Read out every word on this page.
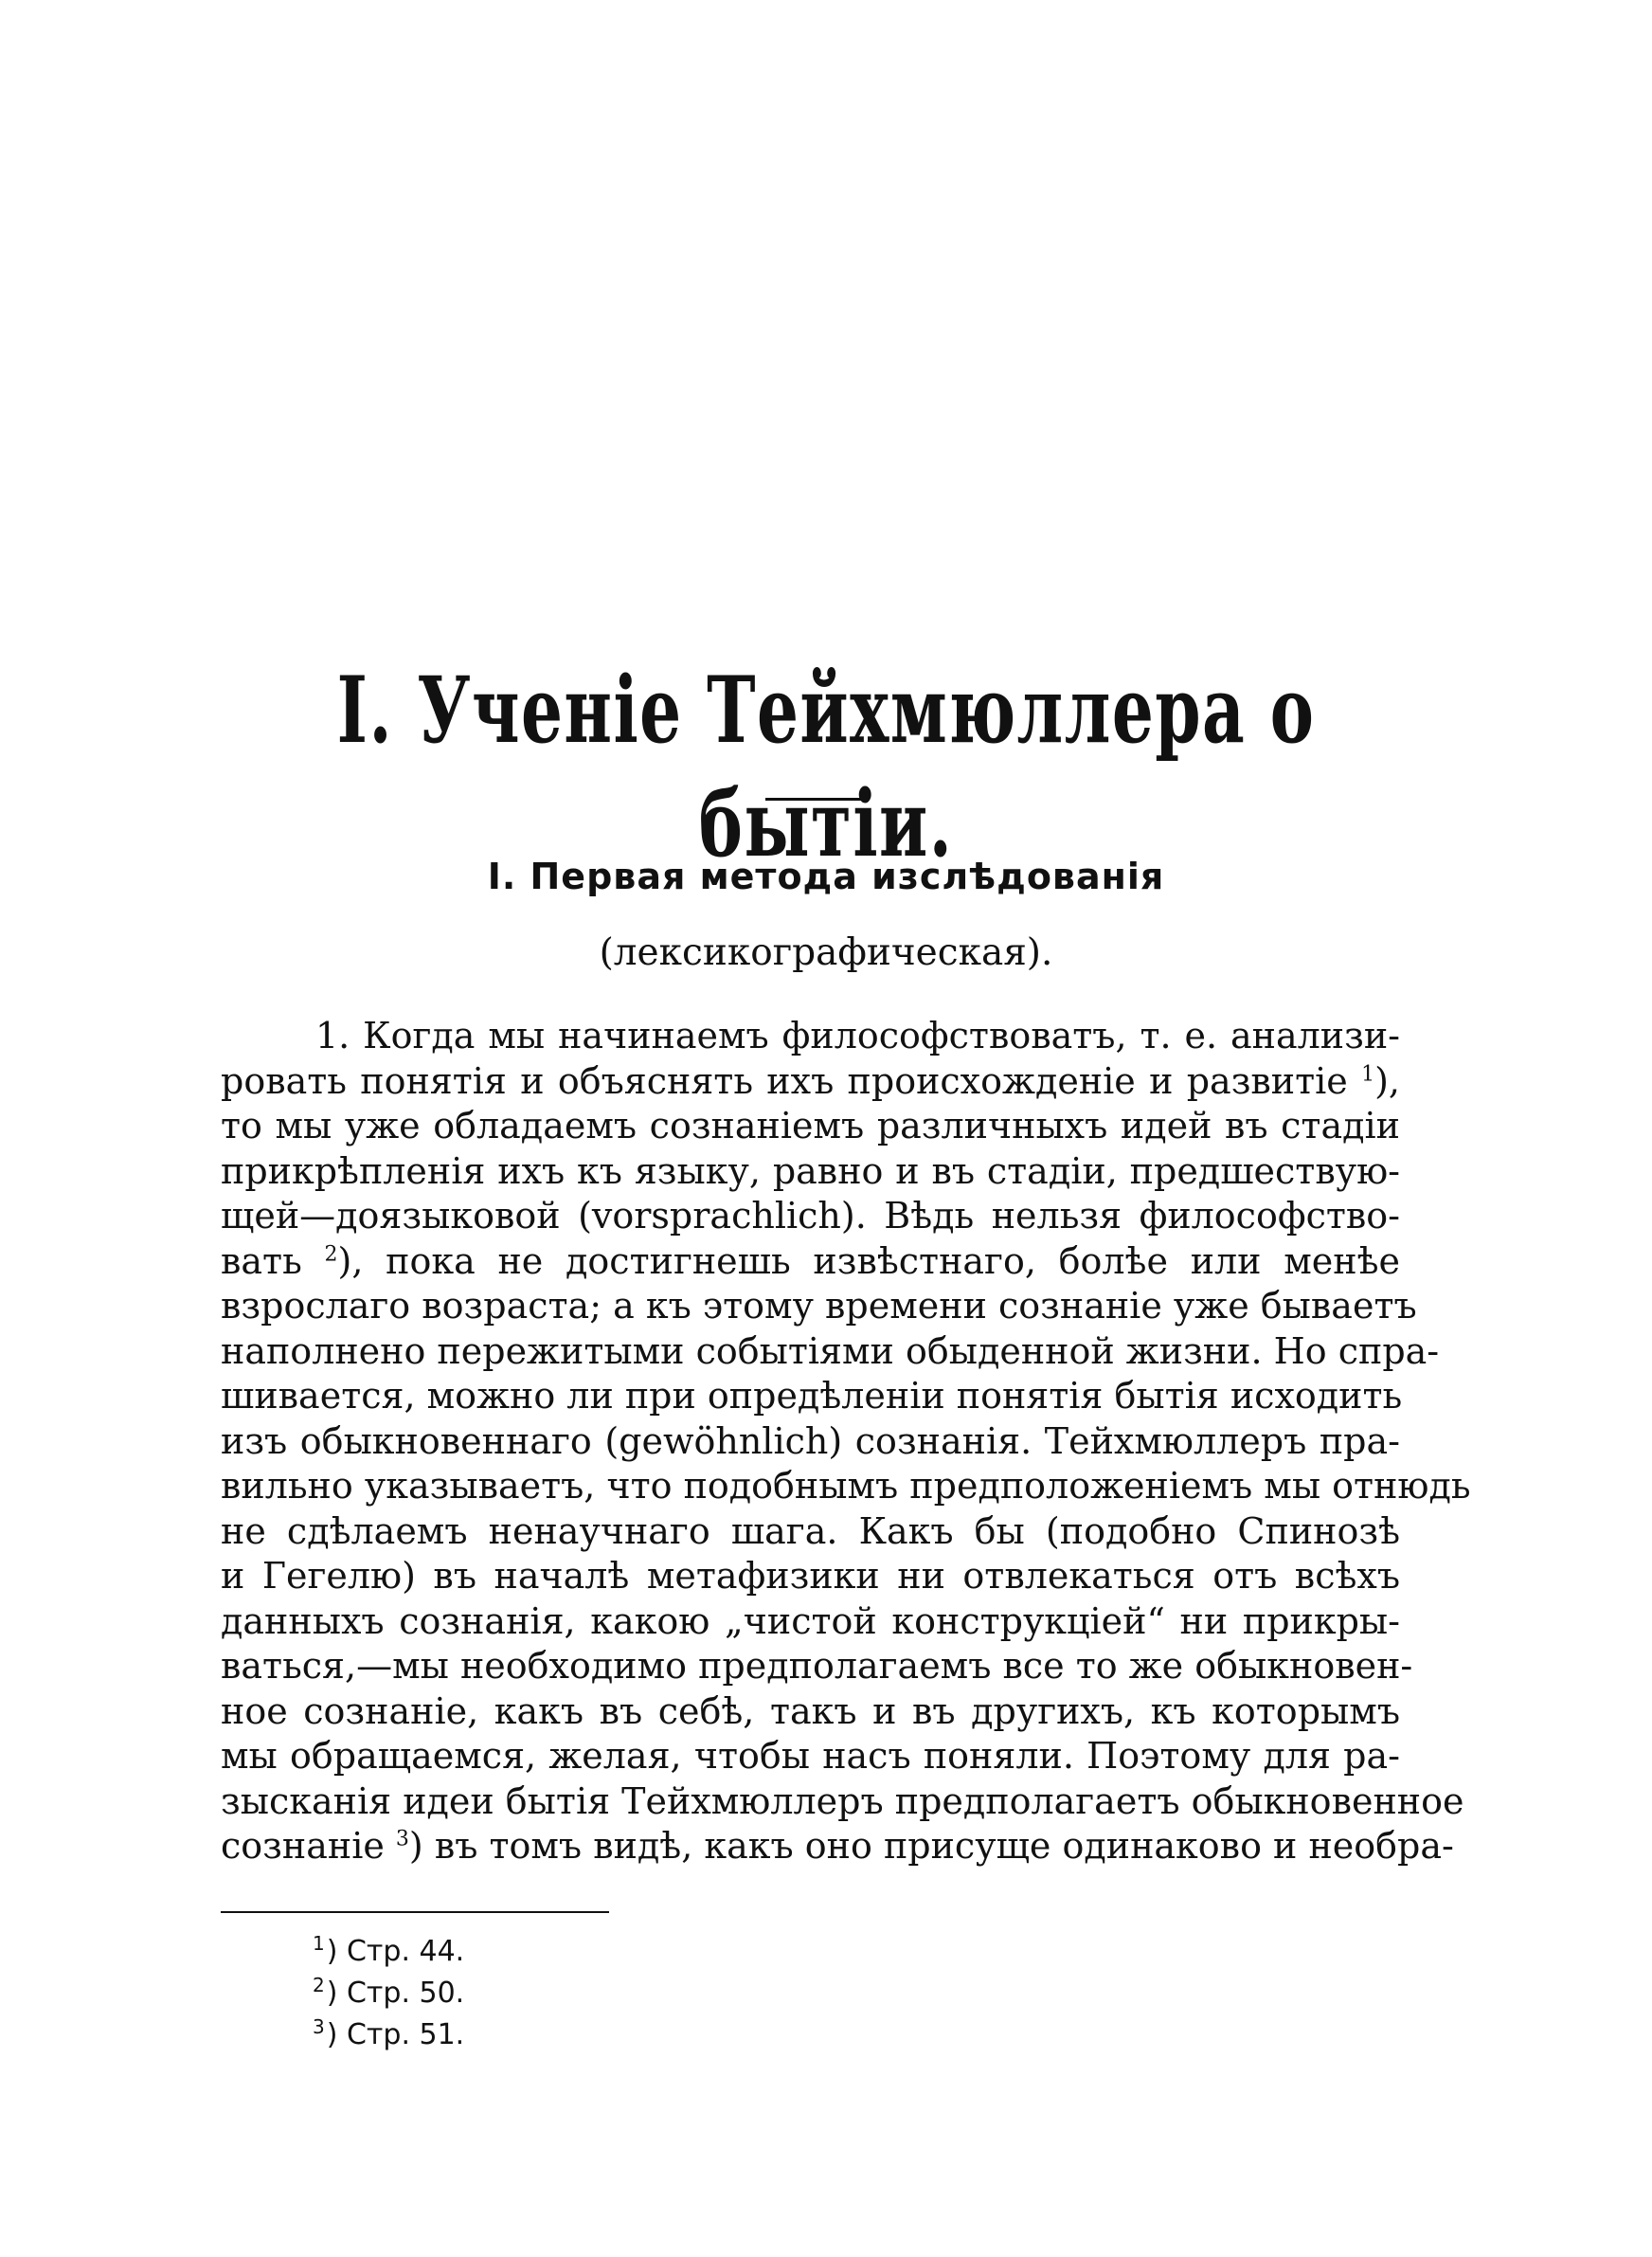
I. Ученіе Тейхмюллера о бытіи.
I. Первая метода изслѣдованія
(лексикографическая).
1. Когда мы начинаемъ философствоватъ, т. е. анализи-
ровать понятія и объяснять ихъ происхожденіе и развитіе $^1$),
то мы уже обладаемъ сознаніемъ различныхъ идей въ стадіи
прикрѣпленія ихъ къ языку, равно и въ стадіи, предшествую-
щей—доязыковой (vorsprachlich). Вѣдь нельзя философство-
вать $^2$), пока не достигнешь извѣстнаго, болѣе или менѣе
взрослаго возраста; а къ этому времени сознаніе уже бываетъ
наполнено пережитыми событіями обыденной жизни. Но спра-
шивается, можно ли при опредѣленіи понятія бытія исходить
изъ обыкновеннаго (gewöhnlich) сознанія. Тейхмюллеръ пра-
вильно указываетъ, что подобнымъ предположеніемъ мы отнюдь
не сдѣлаемъ ненаучнаго шага. Какъ бы (подобно Спинозѣ
и Гегелю) въ началѣ метафизики ни отвлекаться отъ всѣхъ
данныхъ сознанія, какою „чистой конструкціей“ ни прикры-
ваться,—мы необходимо предполагаемъ все то же обыкновен-
ное сознаніе, какъ въ себѣ, такъ и въ другихъ, къ которымъ
мы обращаемся, желая, чтобы насъ поняли. Поэтому для ра-
зысканія идеи бытія Тейхмюллеръ предполагаетъ обыкновенное
сознаніе $^3$) въ томъ видѣ, какъ оно присуще одинаково и необра-
$^1$) Стр. 44.
$^2$) Стр. 50.
$^3$) Стр. 51.
